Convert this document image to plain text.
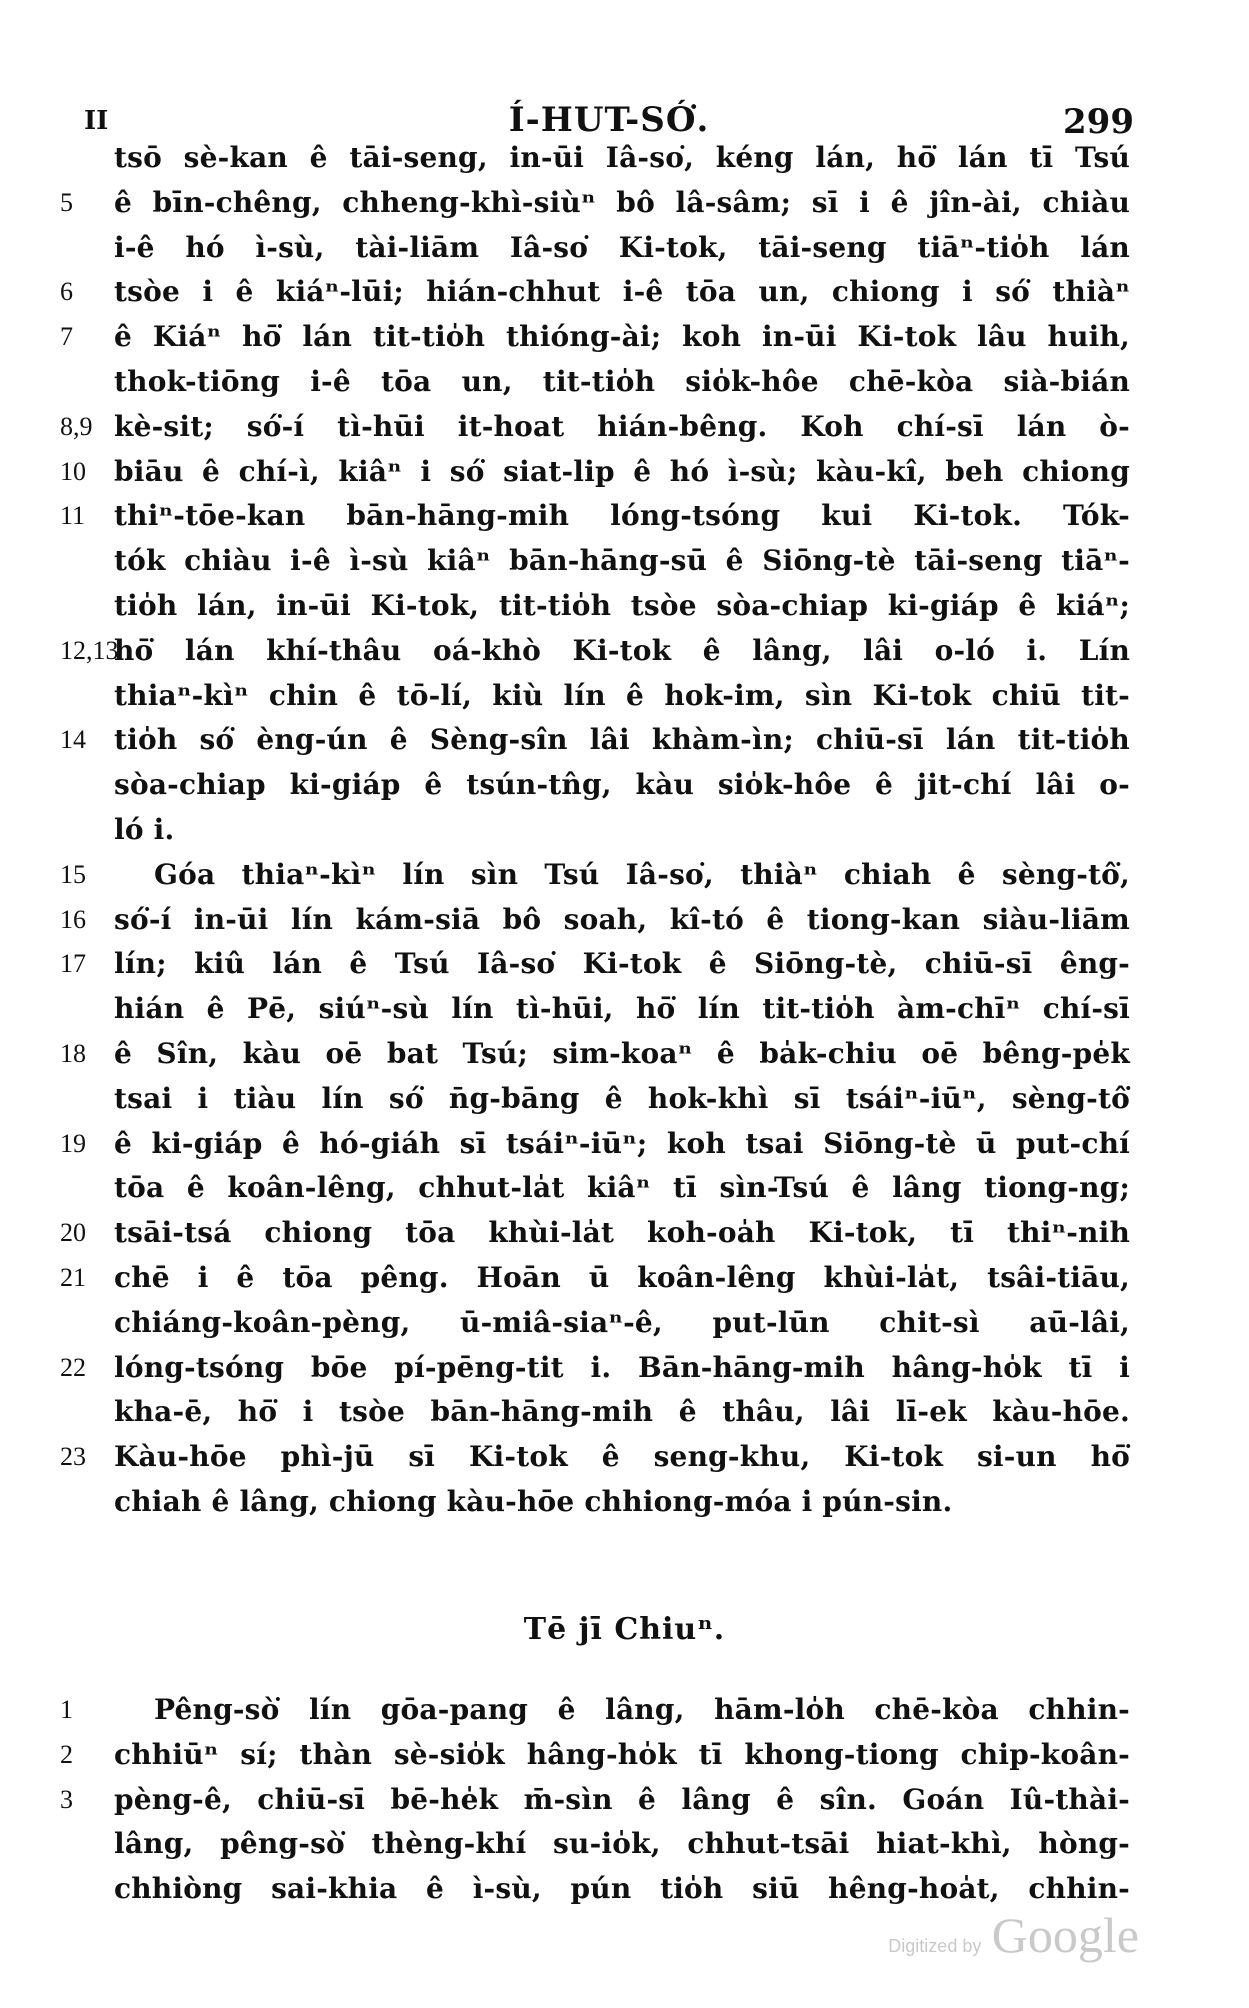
II	Í-HUT-SÓ͘.	299
tsō sè-kan ê tāi-seng, in-ūi Iâ-so͘, kéng lán, hō͘ lán tī Tsú
5	ê bīn-chêng, chheng-khì-siùⁿ bô lâ-sâm; sī i ê jîn-ài, chiàu
i-ê hó ì-sù, tài-liām Iâ-so͘ Ki-tok, tāi-seng tiāⁿ-tio̍h lán
6	tsòe i ê kiáⁿ-lūi; hián-chhut i-ê tōa un, chiong i só͘ thiàⁿ
7	ê Kiáⁿ hō͘ lán tit-tio̍h thióng-ài; koh in-ūi Ki-tok lâu huih,
thok-tiōng i-ê tōa un, tit-tio̍h sio̍k-hôe chē-kòa sià-bián
8,9 kè-sit; só͘-í tì-hūi it-hoat hián-bêng. Koh chí-sī lán ò-
10	biāu ê chí-ì, kiâⁿ i só͘ siat-lip ê hó ì-sù; kàu-kî, beh chiong
11	thiⁿ-tōe-kan bān-hāng-mih lóng-tsóng kui Ki-tok. Tók-
tók chiàu i-ê ì-sù kiâⁿ bān-hāng-sū ê Siōng-tè tāi-seng tiāⁿ-
tio̍h lán, in-ūi Ki-tok, tit-tio̍h tsòe sòa-chiap ki-giáp ê kiáⁿ;
12,13
hō͘ lán khí-thâu oá-khò Ki-tok ê lâng, lâi o-ló i. Lín
thiaⁿ-kìⁿ chin ê tō-lí, kiù lín ê hok-im, sìn Ki-tok chiū tit-
14	tio̍h só͘ èng-ún ê Sèng-sîn lâi khàm-ìn; chiū-sī lán tit-tio̍h
sòa-chiap ki-giáp ê tsún-tn̂g, kàu sio̍k-hôe ê jit-chí lâi o-
ló i.
15	Góa thiaⁿ-kìⁿ lín sìn Tsú Iâ-so͘, thiàⁿ chiah ê sèng-tô͘,
16	só͘-í in-ūi lín kám-siā bô soah, kî-tó ê tiong-kan siàu-liām
17	lín; kiû lán ê Tsú Iâ-so͘ Ki-tok ê Siōng-tè, chiū-sī êng-
hián ê Pē, siúⁿ-sù lín tì-hūi, hō͘ lín tit-tio̍h àm-chīⁿ chí-sī
18	ê Sîn, kàu oē bat Tsú; sim-koaⁿ ê ba̍k-chiu oē bêng-pe̍k
tsai i tiàu lín só͘ n̄g-bāng ê hok-khì sī tsáiⁿ-iūⁿ, sèng-tô͘
19	ê ki-giáp ê hó-giáh sī tsáiⁿ-iūⁿ; koh tsai Siōng-tè ū put-chí
tōa ê koân-lêng, chhut-la̍t kiâⁿ tī sìn-Tsú ê lâng tiong-ng;
20	tsāi-tsá chiong tōa khùi-la̍t koh-oa̍h Ki-tok, tī thiⁿ-nih
21	chē i ê tōa pêng. Hoān ū koân-lêng khùi-la̍t, tsâi-tiāu,
chiáng-koân-pèng, ū-miâ-siaⁿ-ê, put-lūn chit-sì aū-lâi,
22	lóng-tsóng bōe pí-pēng-tit i. Bān-hāng-mih hâng-ho̍k tī i
kha-ē, hō͘ i tsòe bān-hāng-mih ê thâu, lâi lī-ek kàu-hōe.
23	Kàu-hōe phì-jū sī Ki-tok ê seng-khu, Ki-tok si-un hō͘
chiah ê lâng, chiong kàu-hōe chhiong-móa i pún-sin.
Tē jī Chiuⁿ.
1	Pêng-sò͘ lín gōa-pang ê lâng, hām-lo̍h chē-kòa chhin-
2	chhiūⁿ sí; thàn sè-sio̍k hâng-ho̍k tī khong-tiong chip-koân-
3	pèng-ê, chiū-sī bē-he̍k m̄-sìn ê lâng ê sîn. Goán Iû-thài-
lâng, pêng-sò͘ thèng-khí su-io̍k, chhut-tsāi hiat-khì, hòng-
chhiòng sai-khia ê ì-sù, pún tio̍h siū hêng-hoa̍t, chhin-
Digitized by Google
